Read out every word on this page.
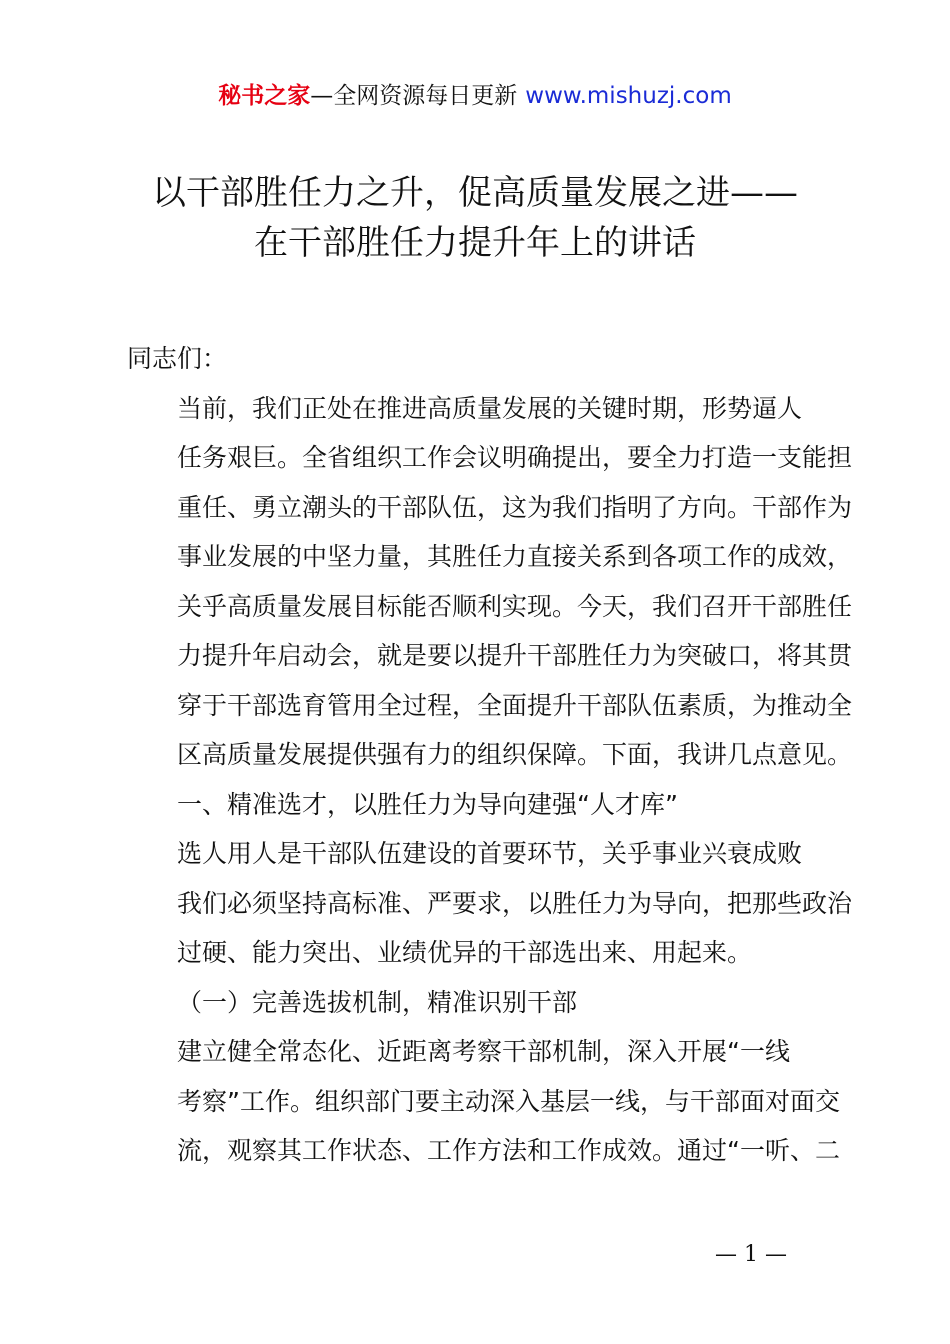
秘书之家—全网资源每日更新 www.mishuzj.com
以干部胜任力之升，促高质量发展之进——
在干部胜任力提升年上的讲话

同志们：

当前，我们正处在推进高质量发展的关键时期，形势逼人
任务艰巨。全省组织工作会议明确提出，要全力打造一支能担
重任、勇立潮头的干部队伍，这为我们指明了方向。干部作为
事业发展的中坚力量，其胜任力直接关系到各项工作的成效，
关乎高质量发展目标能否顺利实现。今天，我们召开干部胜任
力提升年启动会，就是要以提升干部胜任力为突破口，将其贯
穿于干部选育管用全过程，全面提升干部队伍素质，为推动全
区高质量发展提供强有力的组织保障。下面，我讲几点意见。

一、精准选才，以胜任力为导向建强“人才库”

选人用人是干部队伍建设的首要环节，关乎事业兴衰成败
我们必须坚持高标准、严要求，以胜任力为导向，把那些政治
过硬、能力突出、业绩优异的干部选出来、用起来。

（一）完善选拔机制，精准识别干部

建立健全常态化、近距离考察干部机制，深入开展“一线
考察”工作。组织部门要主动深入基层一线，与干部面对面交
流，观察其工作状态、工作方法和工作成效。通过“一听、二

— 1 —
